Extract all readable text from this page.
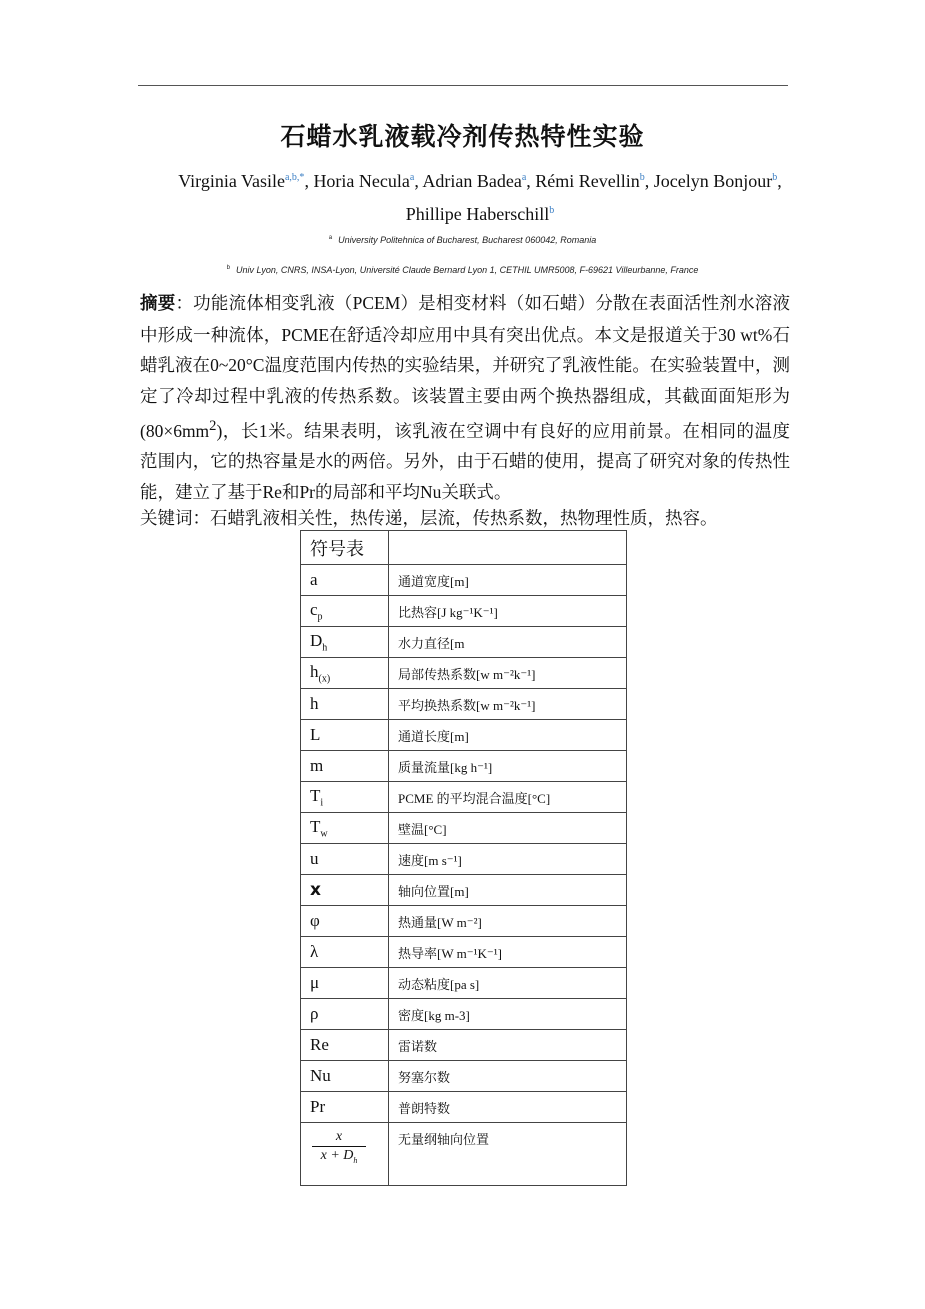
石蜡水乳液载冷剂传热特性实验
Virginia Vasile$^{a,b,*}$, Horia Necula$^a$, Adrian Badea$^a$, Rémi Revellin$^b$, Jocelyn Bonjour$^b$, Phillipe Haberschill$^b$
$^a$ University Politehnica of Bucharest, Bucharest 060042, Romania
$^b$ Univ Lyon, CNRS, INSA-Lyon, Université Claude Bernard Lyon 1, CETHIL UMR5008, F-69621 Villeurbanne, France
摘要：功能流体相变乳液（PCEM）是相变材料（如石蜡）分散在表面活性剂水溶液中形成一种流体，PCME在舒适冷却应用中具有突出优点。本文是报道关于30 wt%石蜡乳液在0~20°C温度范围内传热的实验结果，并研究了乳液性能。在实验装置中，测定了冷却过程中乳液的传热系数。该装置主要由两个换热器组成，其截面面矩形为$(80\times 6mm^2)$，长1米。结果表明，该乳液在空调中有良好的应用前景。在相同的温度范围内，它的热容量是水的两倍。另外，由于石蜡的使用，提高了研究对象的传热性能，建立了基于Re和Pr的局部和平均Nu关联式。
关键词：石蜡乳液相关性，热传递，层流，传热系数，热物理性质，热容。
符号表	
a	通道宽度[m]
$c_p$	比热容[J kg⁻¹K⁻¹]
$D_h$	水力直径[m
$h_{(x)}$	局部传热系数[w m⁻²k⁻¹]
h	平均换热系数[w m⁻²k⁻¹]
L	通道长度[m]
m	质量流量[kg h⁻¹]
$T_i$	PCME 的平均混合温度[°C]
$T_w$	壁温[°C]
u	速度[m s⁻¹]
x	轴向位置[m]
φ	热通量[W m⁻²]
λ	热导率[W m⁻¹K⁻¹]
μ	动态粘度[pa s]
ρ	密度[kg m-3]
Re	雷诺数
Nu	努塞尔数
Pr	普朗特数

$\frac{x}{x + D_h}$	无量纲轴向位置
